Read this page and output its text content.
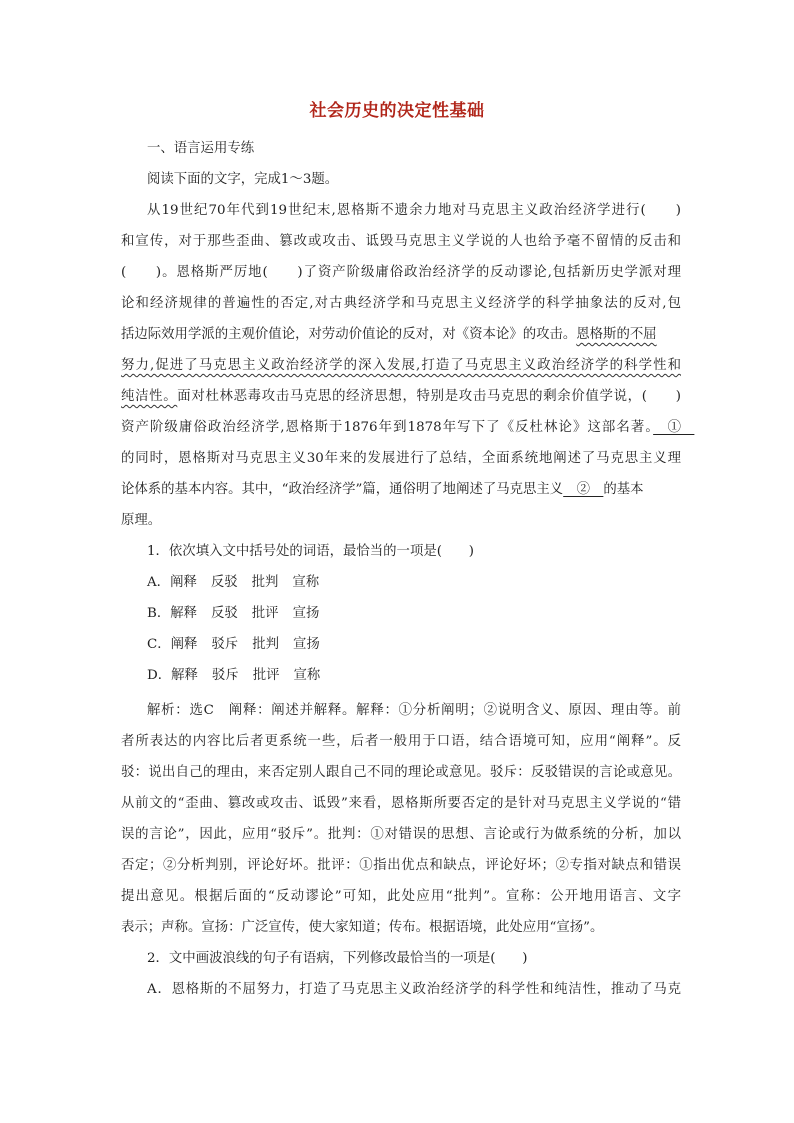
社会历史的决定性基础
一、语言运用专练
阅读下面的文字，完成1～3题。
从19世纪70年代到19世纪末,恩格斯不遗余力地对马克思主义政治经济学进行(　　)
和宣传，对于那些歪曲、篡改或攻击、诋毁马克思主义学说的人也给予毫不留情的反击和
(　　)。恩格斯严厉地(　　)了资产阶级庸俗政治经济学的反动谬论,包括新历史学派对理
论和经济规律的普遍性的否定,对古典经济学和马克思主义经济学的科学抽象法的反对,包
括边际效用学派的主观价值论，对劳动价值论的反对，对《资本论》的攻击。恩格斯的不屈
努力,促进了马克思主义政治经济学的深入发展,打造了马克思主义政治经济学的科学性和
纯洁性。面对杜林恶毒攻击马克思的经济思想，特别是攻击马克思的剩余价值学说，(　　)
资产阶级庸俗政治经济学,恩格斯于1876年到1878年写下了《反杜林论》这部名著。　①　
的同时，恩格斯对马克思主义30年来的发展进行了总结，全面系统地阐述了马克思主义理
论体系的基本内容。其中，“政治经济学”篇，通俗明了地阐述了马克思主义　②　的基本
原理。
1．依次填入文中括号处的词语，最恰当的一项是(　　)
A．阐释 反驳 批判 宣称
B．解释 反驳 批评 宣扬
C．阐释 驳斥 批判 宣扬
D．解释 驳斥 批评 宣称
解析：选C　阐释：阐述并解释。解释：①分析阐明；②说明含义、原因、理由等。前
者所表达的内容比后者更系统一些，后者一般用于口语，结合语境可知，应用“阐释”。反
驳：说出自己的理由，来否定别人跟自己不同的理论或意见。驳斥：反驳错误的言论或意见。
从前文的“歪曲、篡改或攻击、诋毁”来看，恩格斯所要否定的是针对马克思主义学说的“错
误的言论”，因此，应用“驳斥”。批判：①对错误的思想、言论或行为做系统的分析，加以
否定；②分析判别，评论好坏。批评：①指出优点和缺点，评论好坏；②专指对缺点和错误
提出意见。根据后面的“反动谬论”可知，此处应用“批判”。宣称：公开地用语言、文字
表示；声称。宣扬：广泛宣传，使大家知道；传布。根据语境，此处应用“宣扬”。
2．文中画波浪线的句子有语病，下列修改最恰当的一项是(　　)
A．恩格斯的不屈努力，打造了马克思主义政治经济学的科学性和纯洁性，推动了马克
